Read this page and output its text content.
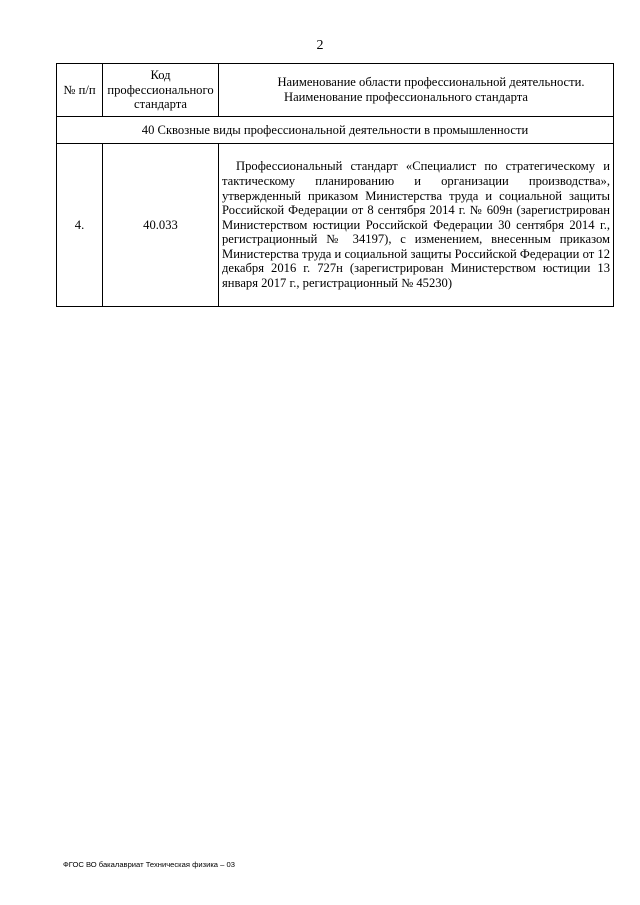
2
№ п/п	Код профессионального стандарта	Наименование области профессиональной деятельности.
Наименование профессионального стандарта

40 Сквозные виды профессиональной деятельности в промышленности		
4.	40.033	Профессиональный стандарт «Специалист по стратегическому и тактическому планированию и организации производства», утвержденный приказом Министерства труда и социальной защиты Российской Федерации от 8 сентября 2014 г. № 609н (зарегистрирован Министерством юстиции Российской Федерации 30 сентября 2014 г., регистрационный № 34197), с изменением, внесенным приказом Министерства труда и социальной защиты Российской Федерации от 12 декабря 2016 г. 727н (зарегистрирован Министерством юстиции 13 января 2017 г., регистрационный № 45230)
ФГОС ВО бакалавриат Техническая физика – 03
